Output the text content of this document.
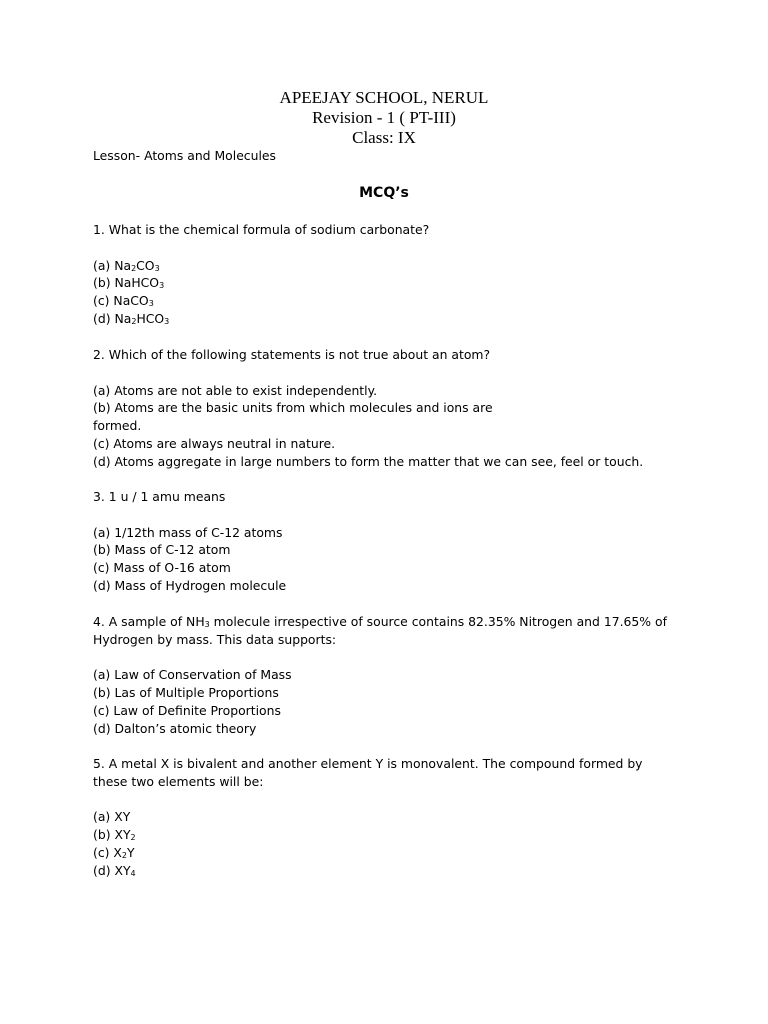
APEEJAY SCHOOL, NERUL
Revision - 1 ( PT-III)
Class: IX
Lesson- Atoms and Molecules
MCQ’s
1. What is the chemical formula of sodium carbonate?
(a) $Na_2CO_3$
(b) NaHCO$_3$
(c) NaCO$_3$
(d) $Na_2HCO_3$
2. Which of the following statements is not true about an atom?
(a) Atoms are not able to exist independently.
(b) Atoms are the basic units from which molecules and ions are
formed.
(c) Atoms are always neutral in nature.
(d) Atoms aggregate in large numbers to form the matter that we can see, feel or touch.
3. 1 u / 1 amu means
(a) 1/12th mass of C-12 atoms
(b) Mass of C-12 atom
(c) Mass of O-16 atom
(d) Mass of Hydrogen molecule
4. A sample of $NH_3$ molecule irrespective of source contains 82.35% Nitrogen and 17.65% of
Hydrogen by mass. This data supports:
(a) Law of Conservation of Mass
(b) Las of Multiple Proportions
(c) Law of Definite Proportions
(d) Dalton’s atomic theory
5. A metal X is bivalent and another element Y is monovalent. The compound formed by
these two elements will be:
(a) XY
(b) $XY_2$
(c) $X_2Y$
(d) $XY_4$
